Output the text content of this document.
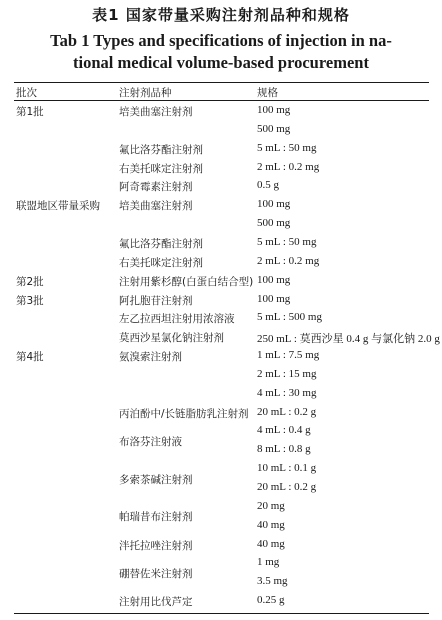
表1 国家带量采购注射剂品种和规格
Tab 1 Types and specifications of injection in na-
tional medical volume-based procurement
批次	注射剂品种	规格
第1批
联盟地区带量采购
第2批
第3批
第4批
培美曲塞注射剂
氟比洛芬酯注射剂
右美托咪定注射剂
阿奇霉素注射剂
培美曲塞注射剂
氟比洛芬酯注射剂
右美托咪定注射剂
注射用紫杉醇(白蛋白结合型)
阿扎胞苷注射剂
左乙拉西坦注射用浓溶液
莫西沙星氯化钠注射剂
氨溴索注射剂
丙泊酚中/长链脂肪乳注射剂
布洛芬注射液
多索茶碱注射剂
帕瑞昔布注射剂
泮托拉唑注射剂
硼替佐米注射剂
注射用比伐芦定
100 mg
500 mg
5 mL : 50 mg
2 mL : 0.2 mg
0.5 g
100 mg
500 mg
5 mL : 50 mg
2 mL : 0.2 mg
100 mg
100 mg
5 mL : 500 mg
250 mL : 莫西沙星 0.4 g 与氯化钠 2.0 g
1 mL : 7.5 mg
2 mL : 15 mg
4 mL : 30 mg
20 mL : 0.2 g
4 mL : 0.4 g
8 mL : 0.8 g
10 mL : 0.1 g
20 mL : 0.2 g
20 mg
40 mg
40 mg
1 mg
3.5 mg
0.25 g
